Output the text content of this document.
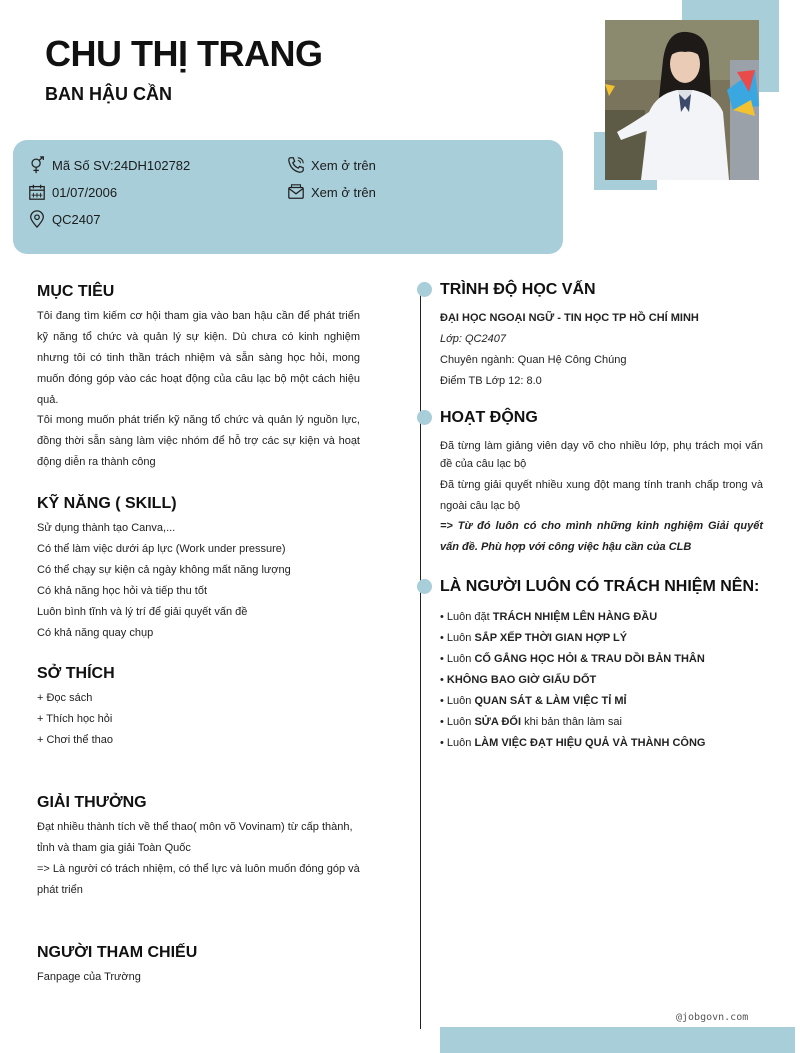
CHU THỊ TRANG
BAN HẬU CẦN
Mã Số SV:24DH102782
01/07/2006
QC2407
Xem ở trên
Xem ở trên
MỤC TIÊU
Tôi đang tìm kiếm cơ hội tham gia vào ban hậu cần để phát triển kỹ năng tổ chức và quản lý sự kiện. Dù chưa có kinh nghiệm nhưng tôi có tinh thần trách nhiệm và sẵn sàng học hỏi, mong muốn đóng góp vào các hoạt động của câu lạc bộ một cách hiệu quả.
Tôi mong muốn phát triển kỹ năng tổ chức và quản lý nguồn lực, đồng thời sẵn sàng làm việc nhóm để hỗ trợ các sự kiện và hoạt động diễn ra thành công
KỸ NĂNG ( SKILL)
Sử dụng thành tạo Canva,...
Có thể làm việc dưới áp lực (Work under pressure)
Có thể chạy sự kiện cả ngày không mất năng lượng
Có khả năng học hỏi và tiếp thu tốt
Luôn bình tĩnh và lý trí để giải quyết vấn đề
Có khả năng quay chụp
SỞ THÍCH
+ Đọc sách
+ Thích học hỏi
+ Chơi thể thao
GIẢI THƯỞNG
Đạt nhiều thành tích về thể thao( môn võ Vovinam) từ cấp thành, tỉnh và tham gia giải Toàn Quốc
=> Là người có trách nhiệm, có thể lực và luôn muốn đóng góp và phát triển
NGƯỜI THAM CHIẾU
Fanpage của Trường
TRÌNH ĐỘ HỌC VẤN
ĐẠI HỌC NGOẠI NGỮ - TIN HỌC TP HỒ CHÍ MINH
Lớp: QC2407
Chuyên ngành: Quan Hệ Công Chúng
Điểm TB Lớp 12: 8.0
HOẠT ĐỘNG
Đã từng làm giảng viên dạy võ cho nhiều lớp, phụ trách mọi vấn đề của câu lạc bộ
Đã từng giải quyết nhiều xung đột mang tính tranh chấp trong và ngoài câu lạc bộ
=> Từ đó luôn có cho mình những kinh nghiệm Giải quyết vấn đề. Phù hợp với công việc hậu cần của CLB
LÀ NGƯỜI LUÔN CÓ TRÁCH NHIỆM NÊN:
• Luôn đặt TRÁCH NHIỆM LÊN HÀNG ĐẦU
• Luôn SẮP XẾP THỜI GIAN HỢP LÝ
• Luôn CỐ GẮNG HỌC HỎI & TRAU DỒI BẢN THÂN
• KHÔNG BAO GIỜ GIẤU DỐT
• Luôn QUAN SÁT & LÀM VIỆC TỈ MỈ
• Luôn SỬA ĐỔI khi bản thân làm sai
• Luôn LÀM VIỆC ĐẠT HIỆU QUẢ VÀ THÀNH CÔNG
@jobgovn.com
